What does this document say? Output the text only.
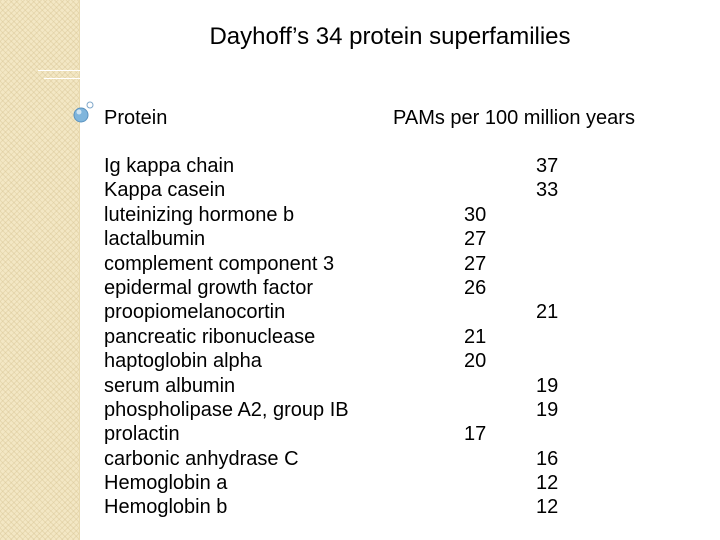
Dayhoff’s 34 protein superfamilies
Protein	PAMs per 100 million years
Ig kappa chain	37
Kappa casein	33
luteinizing hormone b	30
lactalbumin	27
complement component 3	27
epidermal growth factor	26
proopiomelanocortin	21
pancreatic ribonuclease	21
haptoglobin alpha	20
serum albumin	19
phospholipase A2, group IB	19
prolactin	17
carbonic anhydrase C	16
Hemoglobin a	12
Hemoglobin b	12
